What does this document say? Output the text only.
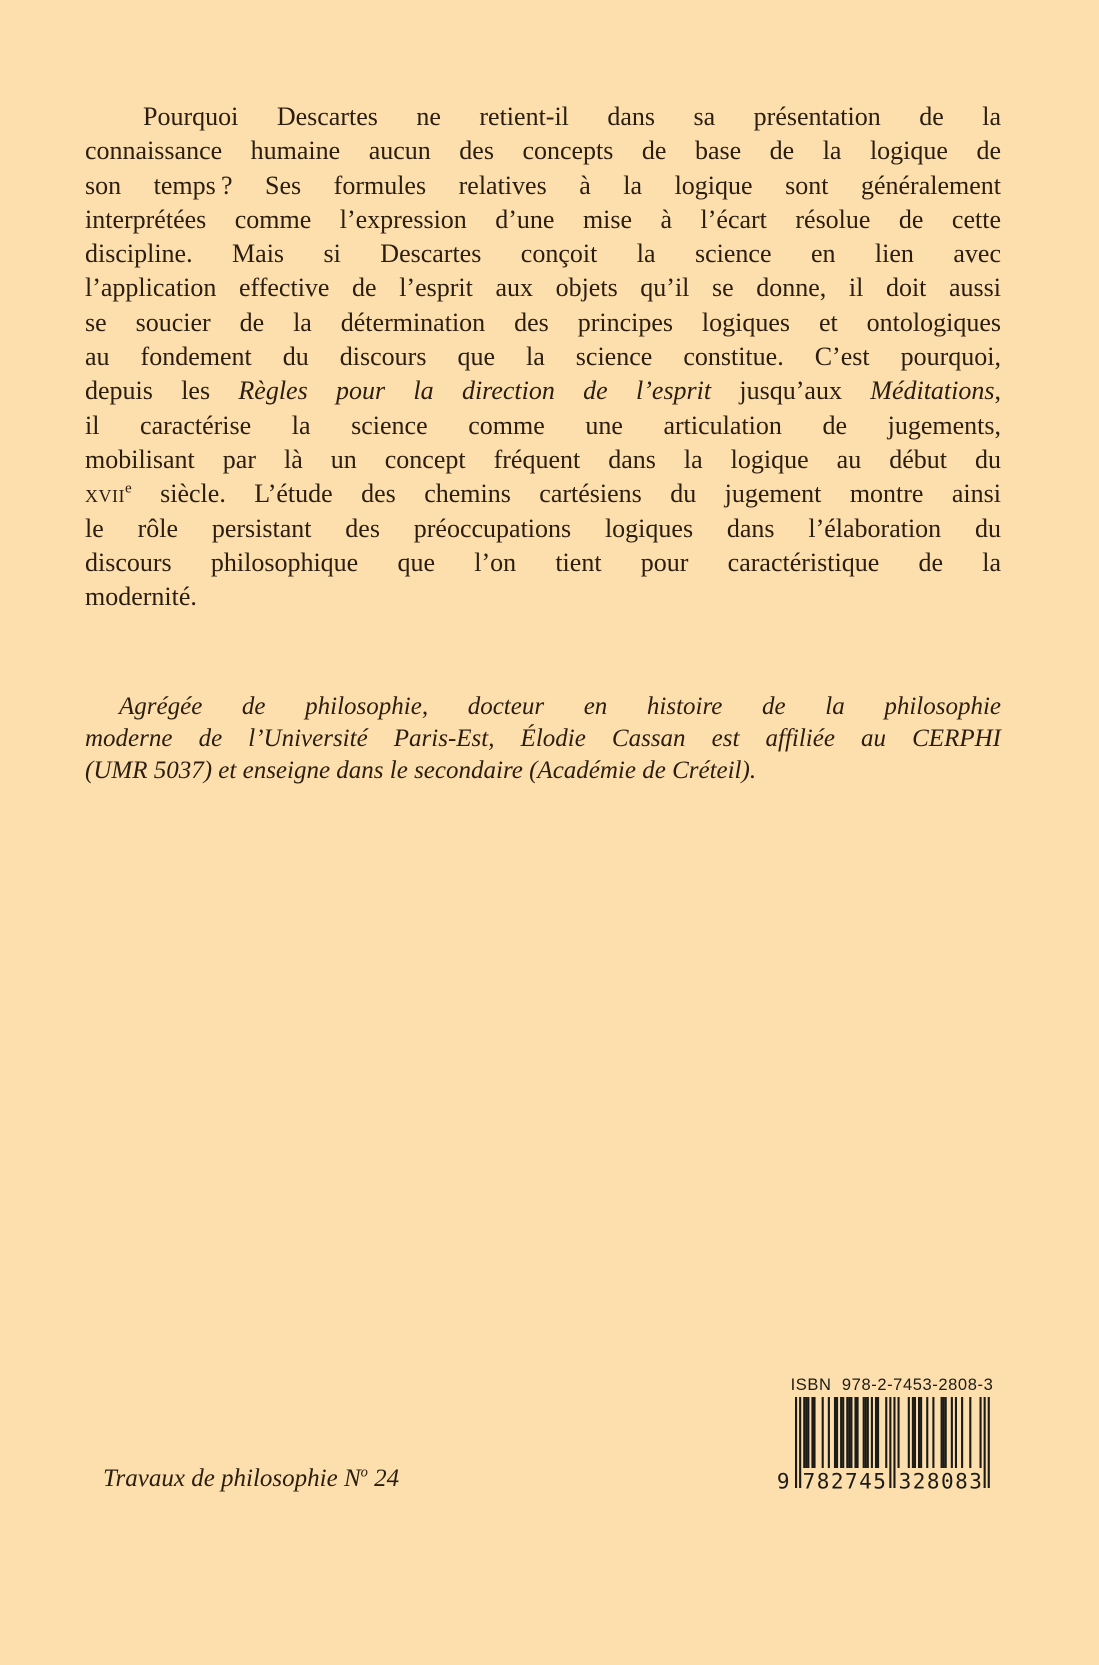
Pourquoi Descartes ne retient-il dans sa présentation de la
connaissance humaine aucun des concepts de base de la logique de
son temps ? Ses formules relatives à la logique sont généralement
interprétées comme l’expression d’une mise à l’écart résolue de cette
discipline. Mais si Descartes conçoit la science en lien avec
l’application effective de l’esprit aux objets qu’il se donne, il doit aussi
se soucier de la détermination des principes logiques et ontologiques
au fondement du discours que la science constitue. C’est pourquoi,
depuis les Règles pour la direction de l’esprit jusqu’aux Méditations,
il caractérise la science comme une articulation de jugements,
mobilisant par là un concept fréquent dans la logique au début du
xvii$^e$ siècle. L’étude des chemins cartésiens du jugement montre ainsi
le rôle persistant des préoccupations logiques dans l’élaboration du
discours philosophique que l’on tient pour caractéristique de la
modernité.
Agrégée de philosophie, docteur en histoire de la philosophie
moderne de l’Université Paris-Est, Élodie Cassan est affiliée au CERPHI
(UMR 5037) et enseigne dans le secondaire (Académie de Créteil).
Travaux de philosophie $N^o$ 24
ISBN  978-2-7453-2808-3
9 782745 328083
